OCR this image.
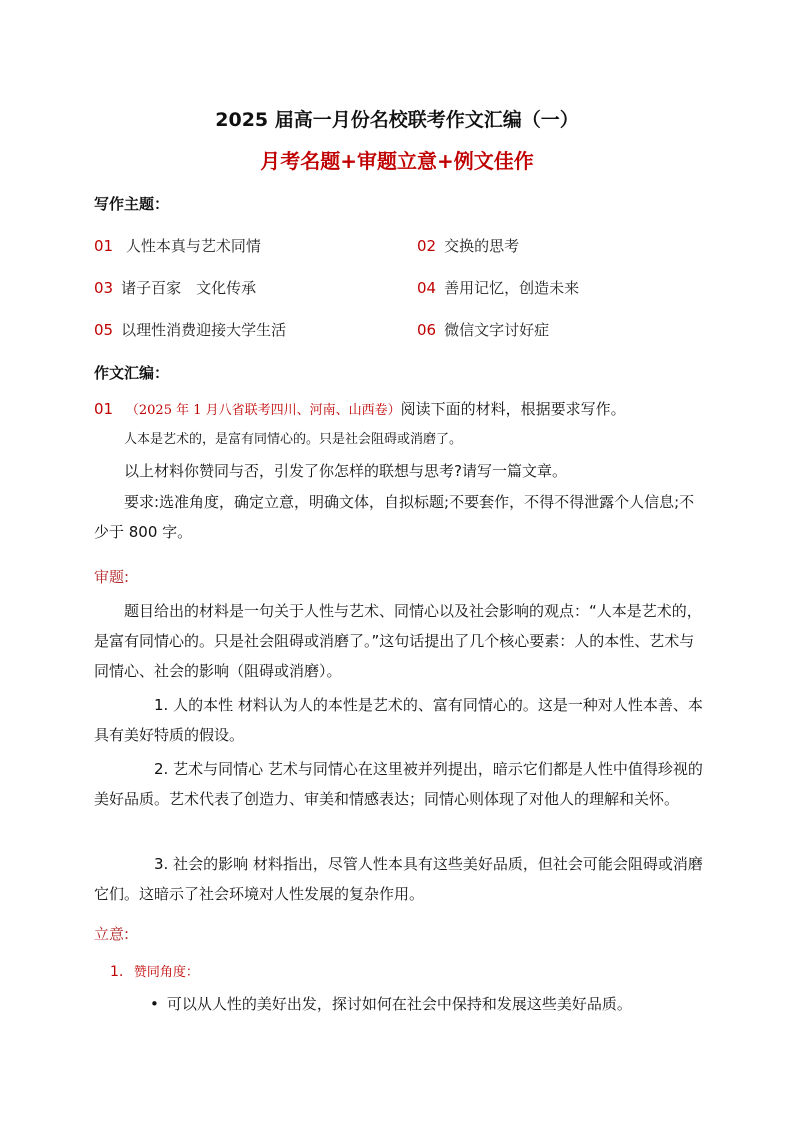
2025 届高一月份名校联考作文汇编（一）
月考名题+审题立意+例文佳作
写作主题：
01 人性本真与艺术同情	02 交换的思考
03 诸子百家　文化传承	04 善用记忆，创造未来
05 以理性消费迎接大学生活	06 微信文字讨好症
作文汇编：
01 （2025 年 1 月八省联考四川、河南、山西卷）阅读下面的材料，根据要求写作。
人本是艺术的，是富有同情心的。只是社会阻碍或消磨了。
以上材料你赞同与否，引发了你怎样的联想与思考?请写一篇文章。
要求:选准角度，确定立意，明确文体，自拟标题;不要套作，不得不得泄露个人信息;不少于 800 字。
审题:
题目给出的材料是一句关于人性与艺术、同情心以及社会影响的观点：“人本是艺术的，是富有同情心的。只是社会阻碍或消磨了。”这句话提出了几个核心要素：人的本性、艺术与同情心、社会的影响（阻碍或消磨）。
1. 人的本性 材料认为人的本性是艺术的、富有同情心的。这是一种对人性本善、本具有美好特质的假设。
2. 艺术与同情心 艺术与同情心在这里被并列提出，暗示它们都是人性中值得珍视的美好品质。艺术代表了创造力、审美和情感表达；同情心则体现了对他人的理解和关怀。
3. 社会的影响 材料指出，尽管人性本具有这些美好品质，但社会可能会阻碍或消磨它们。这暗示了社会环境对人性发展的复杂作用。
立意:
1. 赞同角度：
• 可以从人性的美好出发，探讨如何在社会中保持和发展这些美好品质。
